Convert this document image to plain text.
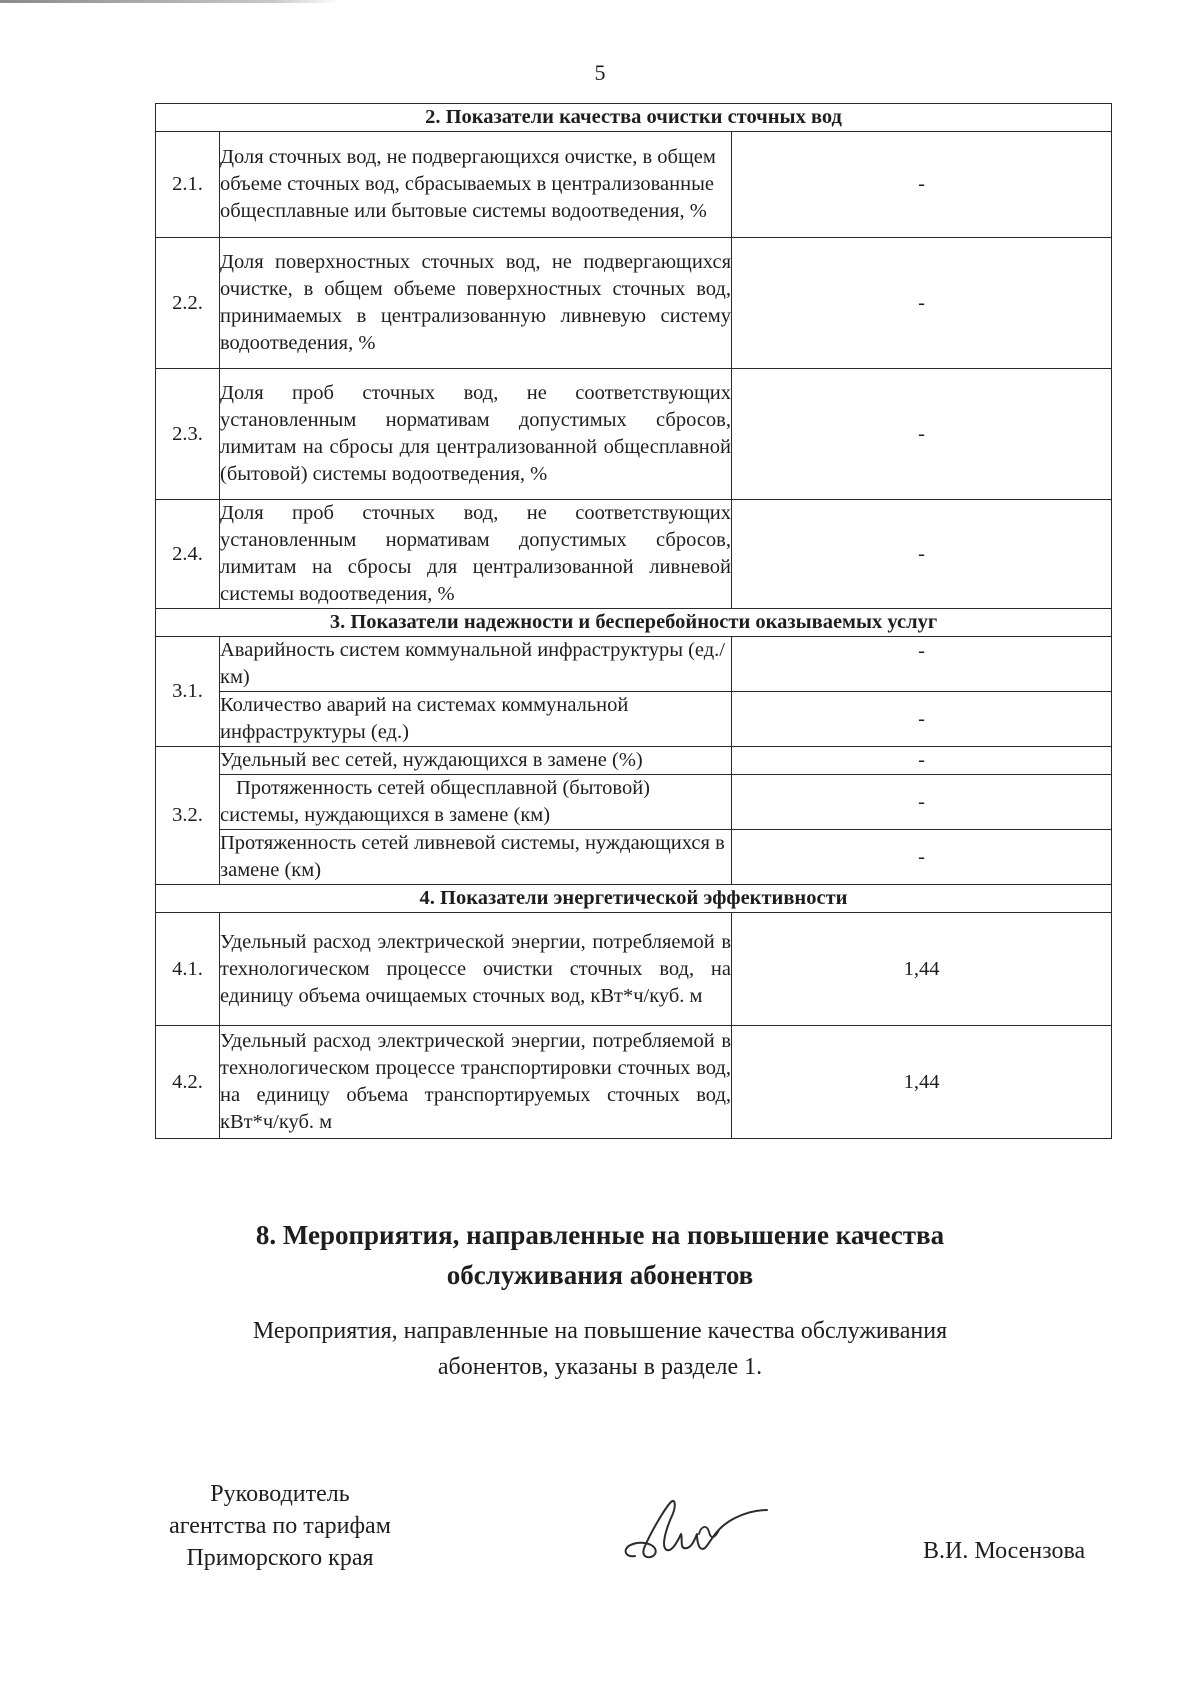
5
2. Показатели качества очистки сточных вод		
2.1.	Доля сточных вод, не подвергающихся очистке, в общем объеме сточных вод, сбрасываемых в централизованные общесплавные или бытовые системы водоотведения, %	-
2.2.	Доля поверхностных сточных вод, не подвергающихся очистке, в общем объеме поверхностных сточных вод, принимаемых в централизованную ливневую систему водоотведения, %	-
2.3.	Доля проб сточных вод, не соответствующих установленным нормативам допустимых сбросов, лимитам на сбросы для централизованной общесплавной (бытовой) системы водоотведения, %	-
2.4.	Доля проб сточных вод, не соответствующих установленным нормативам допустимых сбросов, лимитам на сбросы для централизованной ливневой системы водоотведения, %	-
3. Показатели надежности и бесперебойности оказываемых услуг		
3.1.	Аварийность систем коммунальной инфраструктуры (ед./км)	-
	Количество аварий на системах коммунальной инфраструктуры (ед.)	-
3.2.	Удельный вес сетей, нуждающихся в замене (%)	-
	Протяженность сетей общесплавной (бытовой) системы, нуждающихся в замене (км)	-
	Протяженность сетей ливневой системы, нуждающихся в замене (км)	-
4. Показатели энергетической эффективности		
4.1.	Удельный расход электрической энергии, потребляемой в технологическом процессе очистки сточных вод, на единицу объема очищаемых сточных вод, кВт*ч/куб. м	1,44
4.2.	Удельный расход электрической энергии, потребляемой в технологическом процессе транспортировки сточных вод, на единицу объема транспортируемых сточных вод, кВт*ч/куб. м	1,44
8. Мероприятия, направленные на повышение качества
обслуживания абонентов
Мероприятия, направленные на повышение качества обслуживания
абонентов, указаны в разделе 1.
Руководитель
агентства по тарифам
Приморского края	В.И. Мосензова
